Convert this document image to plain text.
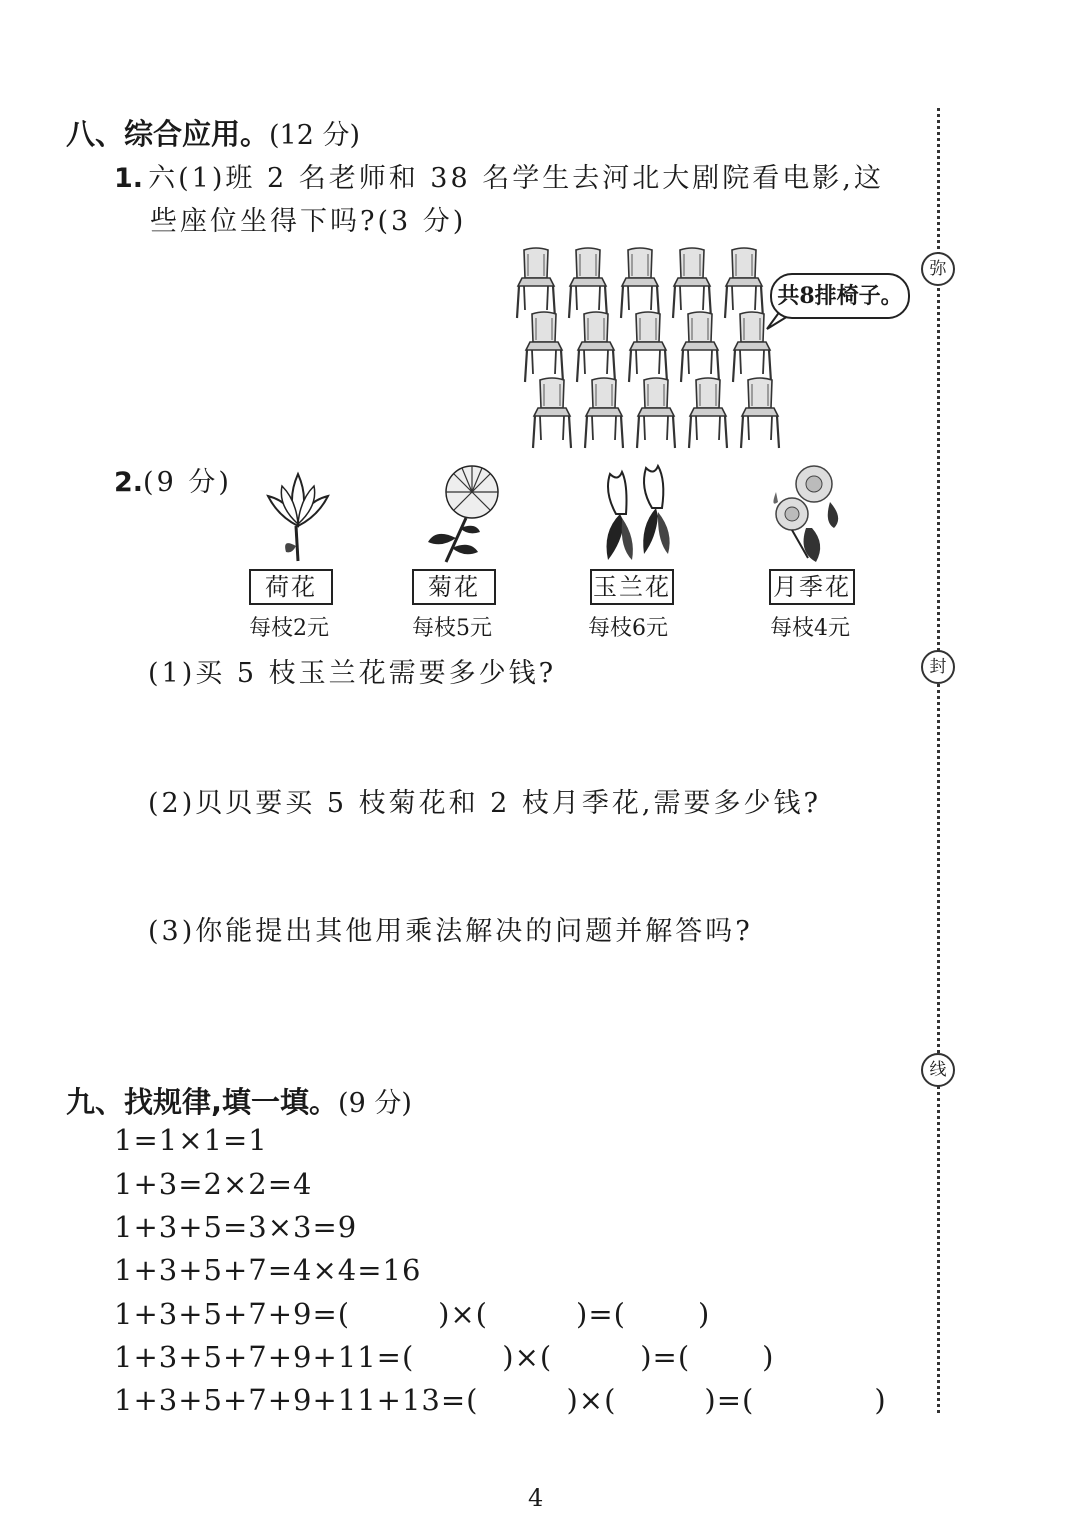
八、综合应用。(12 分)
1. 六(1)班 2 名老师和 38 名学生去河北大剧院看电影,这
些座位坐得下吗?(3 分)
共8排椅子。
2.(9 分)
荷花	菊花	玉兰花	月季花
每枝2元	每枝5元	每枝6元	每枝4元
(1)买 5 枝玉兰花需要多少钱?
(2)贝贝要买 5 枝菊花和 2 枝月季花,需要多少钱?
(3)你能提出其他用乘法解决的问题并解答吗?
九、找规律,填一填。(9 分)
1=1×1=1
1+3=2×2=4
1+3+5=3×3=9
1+3+5+7=4×4=16
1+3+5+7+9=(	)×(	)=( )
1+3+5+7+9+11=(	)×(	)=( )
1+3+5+7+9+11+13=(	)×(	)=(	)
弥
封
线
4
